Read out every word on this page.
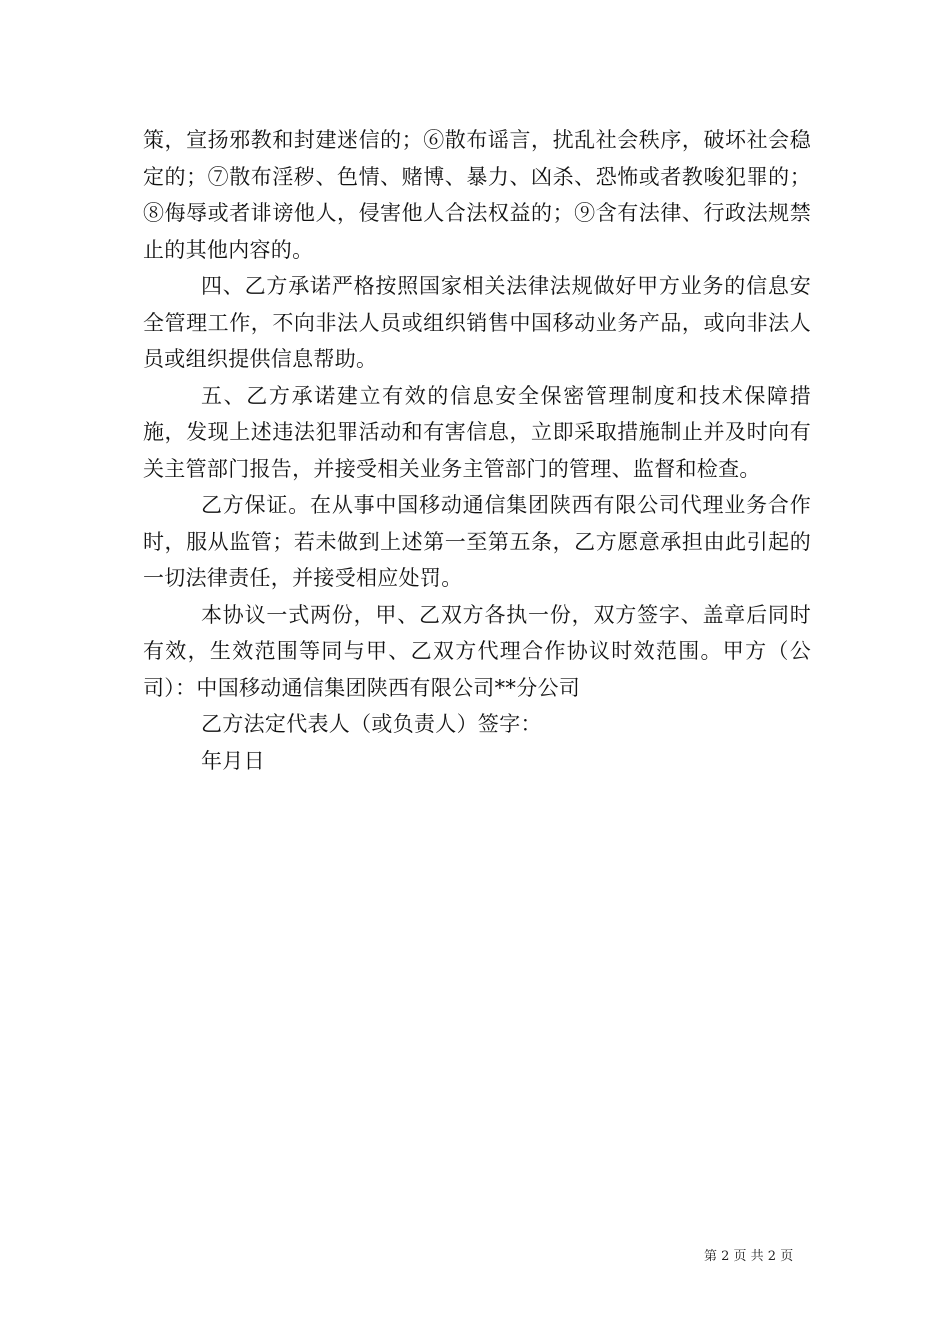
策，宣扬邪教和封建迷信的；⑥散布谣言，扰乱社会秩序，破坏社会稳定的；⑦散布淫秽、色情、赌博、暴力、凶杀、恐怖或者教唆犯罪的；⑧侮辱或者诽谤他人，侵害他人合法权益的；⑨含有法律、行政法规禁止的其他内容的。

四、乙方承诺严格按照国家相关法律法规做好甲方业务的信息安全管理工作，不向非法人员或组织销售中国移动业务产品，或向非法人员或组织提供信息帮助。

五、乙方承诺建立有效的信息安全保密管理制度和技术保障措施，发现上述违法犯罪活动和有害信息，立即采取措施制止并及时向有关主管部门报告，并接受相关业务主管部门的管理、监督和检查。

乙方保证。在从事中国移动通信集团陕西有限公司代理业务合作时，服从监管；若未做到上述第一至第五条，乙方愿意承担由此引起的一切法律责任，并接受相应处罚。

本协议一式两份，甲、乙双方各执一份，双方签字、盖章后同时有效，生效范围等同与甲、乙双方代理合作协议时效范围。甲方（公司）：中国移动通信集团陕西有限公司**分公司

乙方法定代表人（或负责人）签字：

年月日

第 2 页 共 2 页
